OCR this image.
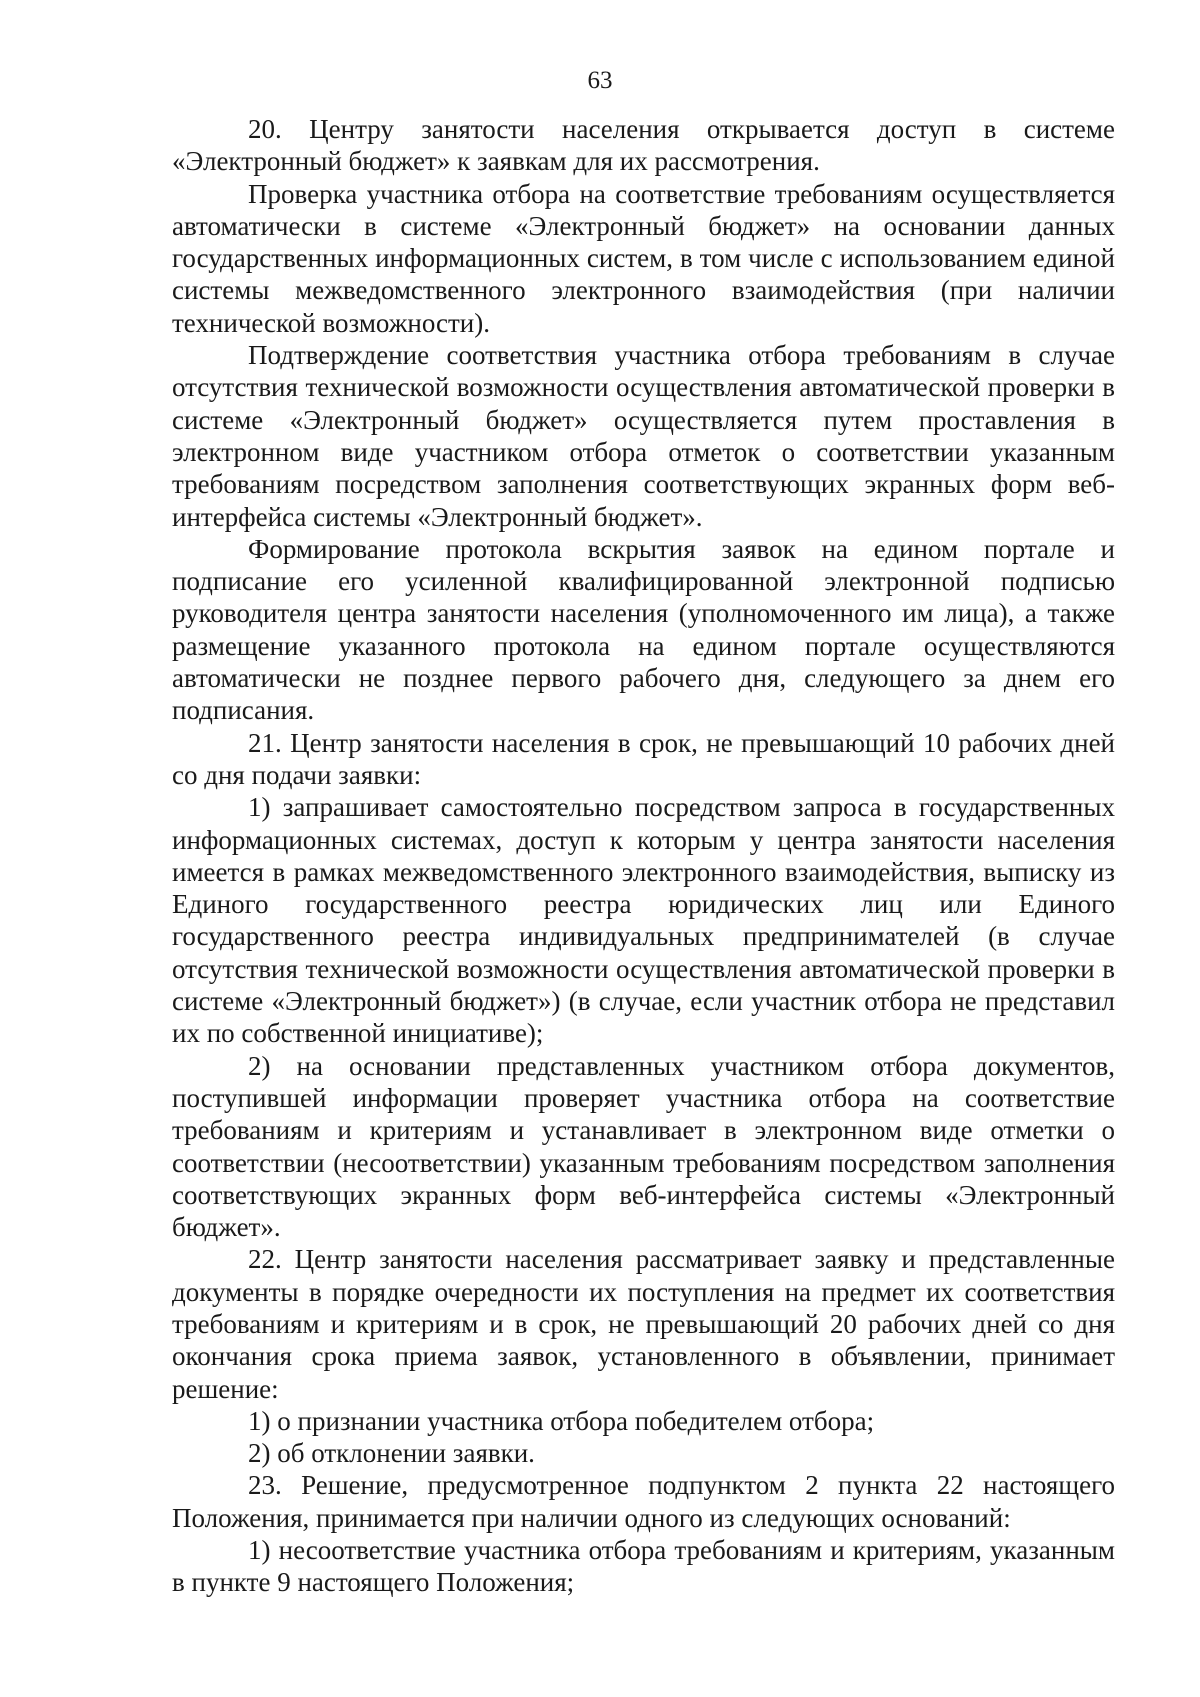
63

20. Центру занятости населения открывается доступ в системе «Электронный бюджет» к заявкам для их рассмотрения.

Проверка участника отбора на соответствие требованиям осуществляется автоматически в системе «Электронный бюджет» на основании данных государственных информационных систем, в том числе с использованием единой системы межведомственного электронного взаимодействия (при наличии технической возможности).

Подтверждение соответствия участника отбора требованиям в случае отсутствия технической возможности осуществления автоматической проверки в системе «Электронный бюджет» осуществляется путем проставления в электронном виде участником отбора отметок о соответствии указанным требованиям посредством заполнения соответствующих экранных форм веб-интерфейса системы «Электронный бюджет».

Формирование протокола вскрытия заявок на едином портале и подписание его усиленной квалифицированной электронной подписью руководителя центра занятости населения (уполномоченного им лица), а также размещение указанного протокола на едином портале осуществляются автоматически не позднее первого рабочего дня, следующего за днем его подписания.

21. Центр занятости населения в срок, не превышающий 10 рабочих дней со дня подачи заявки:

1) запрашивает самостоятельно посредством запроса в государственных информационных системах, доступ к которым у центра занятости населения имеется в рамках межведомственного электронного взаимодействия, выписку из Единого государственного реестра юридических лиц или Единого государственного реестра индивидуальных предпринимателей (в случае отсутствия технической возможности осуществления автоматической проверки в системе «Электронный бюджет») (в случае, если участник отбора не представил их по собственной инициативе);

2) на основании представленных участником отбора документов, поступившей информации проверяет участника отбора на соответствие требованиям и критериям и устанавливает в электронном виде отметки о соответствии (несоответствии) указанным требованиям посредством заполнения соответствующих экранных форм веб-интерфейса системы «Электронный бюджет».

22. Центр занятости населения рассматривает заявку и представленные документы в порядке очередности их поступления на предмет их соответствия требованиям и критериям и в срок, не превышающий 20 рабочих дней со дня окончания срока приема заявок, установленного в объявлении, принимает решение:

1) о признании участника отбора победителем отбора;

2) об отклонении заявки.

23. Решение, предусмотренное подпунктом 2 пункта 22 настоящего Положения, принимается при наличии одного из следующих оснований:

1) несоответствие участника отбора требованиям и критериям, указанным в пункте 9 настоящего Положения;
